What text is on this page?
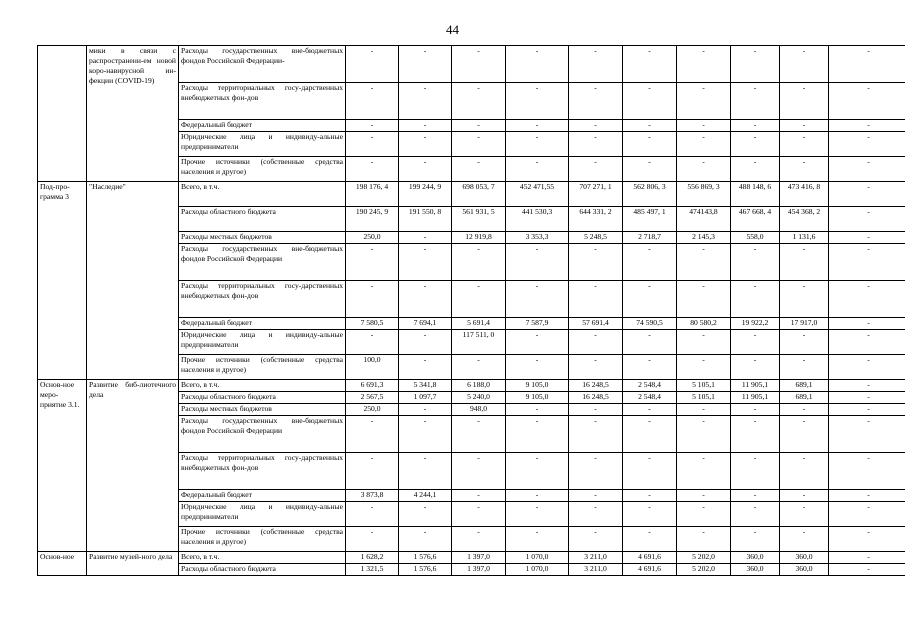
44
	мики в связи с распространени-ем новой коро-навирусной ин-фекции (COVID-19)	Расходы государственных вне-бюджетных фондов Российской Федерации-	-	-	-	-	-	-	-	-	-	-
		Расходы территориальных госу-дарственных внебюджетных фон-дов	-	-	-	-	-	-	-	-	-	-
		Федеральный бюджет	-	-	-	-	-	-	-	-	-	-
		Юридические лица и индивиду-альные предприниматели	-	-	-	-	-	-	-	-	-	-
		Прочие источники (собственные средства населения и другое)	-	-	-	-	-	-	-	-	-	-
Под-про-грамма 3	"Наследие"	Всего, в т.ч.	198 176, 4	199 244, 9	698 053, 7	452 471,55	707 271, 1	562 806, 3	556 869, 3	488 148, 6	473 416, 8	-
		Расходы областного бюджета	190 245, 9	191 550, 8	561 931, 5	441 530,3	644 331, 2	485 497, 1	474143,8	467 668, 4	454 368, 2	-
		Расходы местных бюджетов	250,0	-	12 919,8	3 353,3	5 248,5	2 718,7	2 145,3	558,0	1 131,6	-
		Расходы государственных вне-бюджетных фондов Российской Федерации	-	-	-	-	-	-	-	-	-	-
		Расходы территориальных госу-дарственных внебюджетных фон-дов	-	-	-	-	-	-	-	-	-	-
		Федеральный бюджет	7 580,5	7 694,1	5 691,4	7 587,9	57 691,4	74 590,5	80 580,2	19 922,2	17 917,0	-
		Юридические лица и индивиду-альные предприниматели	-	-	117 511, 0	-	-	-	-	-	-	-
		Прочие источники (собственные средства населения и другое)	100,0	-	-	-	-	-	-	-	-	-
Основ-ное меро-приятие 3.1.	Развитие биб-лиотечного дела	Всего, в т.ч.	6 691,3	5 341,8	6 188,0	9 105,0	16 248,5	2 548,4	5 105,1	11 905,1	689,1	-
		Расходы областного бюджета	2 567,5	1 097,7	5 240,0	9 105,0	16 248,5	2 548,4	5 105,1	11 905,1	689,1	-
		Расходы местных бюджетов	250,0	-	948,0	-	-	-	-	-	-	-
		Расходы государственных вне-бюджетных фондов Российской Федерации	-	-	-	-	-	-	-	-	-	-
		Расходы территориальных госу-дарственных внебюджетных фон-дов	-	-	-	-	-	-	-	-	-	-
		Федеральный бюджет	3 873,8	4 244,1	-	-	-	-	-	-	-	-
		Юридические лица и индивиду-альные предприниматели	-	-	-	-	-	-	-	-	-	-
		Прочие источники (собственные средства населения и другое)	-	-	-	-	-	-	-	-	-	-
Основ-ное	Развитие музей-ного дела	Всего, в т.ч.	1 628,2	1 576,6	1 397,0	1 070,0	3 211,0	4 691,6	5 202,0	360,0	360,0	-
		Расходы областного бюджета	1 321,5	1 576,6	1 397,0	1 070,0	3 211,0	4 691,6	5 202,0	360,0	360,0	-
